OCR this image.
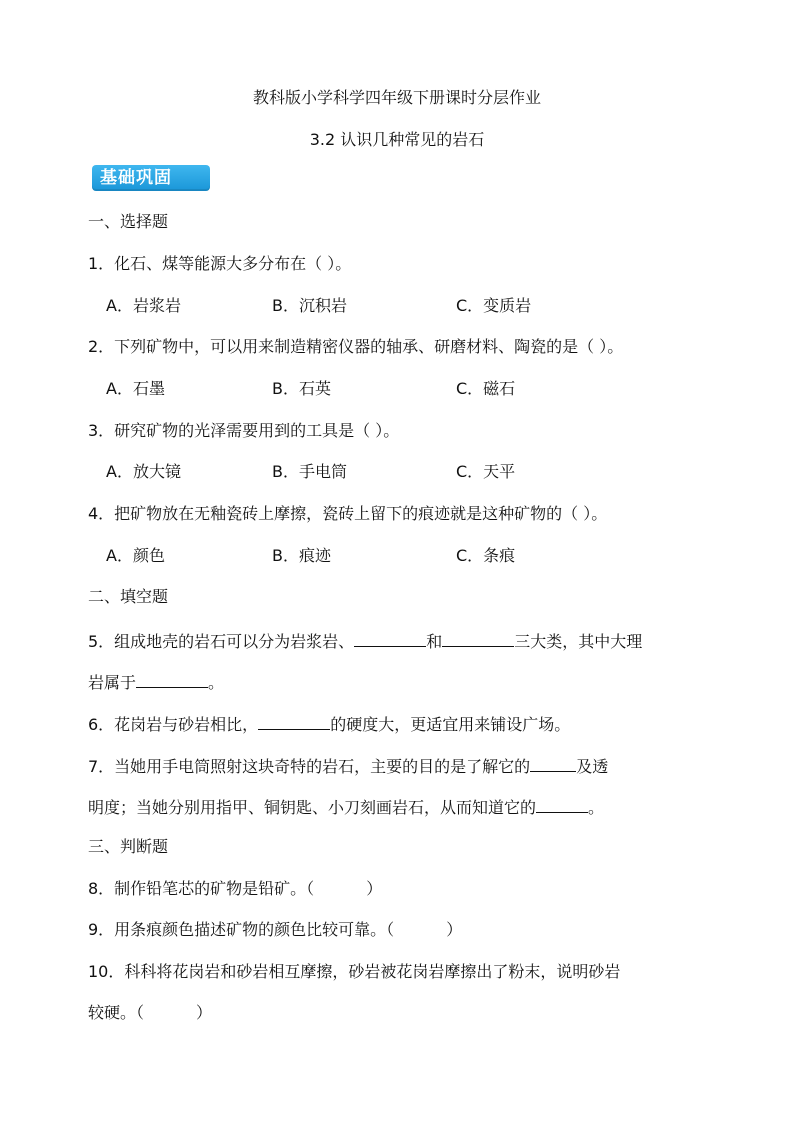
教科版小学科学四年级下册课时分层作业
3.2 认识几种常见的岩石
基础巩固
一、选择题
1．化石、煤等能源大多分布在（ ）。
A．岩浆岩	B．沉积岩	C．变质岩
2．下列矿物中，可以用来制造精密仪器的轴承、研磨材料、陶瓷的是（ ）。
A．石墨	B．石英	C．磁石
3．研究矿物的光泽需要用到的工具是（ ）。
A．放大镜	B．手电筒	C．天平
4．把矿物放在无釉瓷砖上摩擦，瓷砖上留下的痕迹就是这种矿物的（ ）。
A．颜色	B．痕迹	C．条痕
二、填空题
5．组成地壳的岩石可以分为岩浆岩、	和	三大类，其中大理
岩属于	。
6．花岗岩与砂岩相比，	的硬度大，更适宜用来铺设广场。
7．当她用手电筒照射这块奇特的岩石，主要的目的是了解它的	及透
明度；当她分别用指甲、铜钥匙、小刀刻画岩石，从而知道它的	。
三、判断题
8．制作铅笔芯的矿物是铅矿。（	）
9．用条痕颜色描述矿物的颜色比较可靠。（	）
10．科科将花岗岩和砂岩相互摩擦，砂岩被花岗岩摩擦出了粉末，说明砂岩
较硬。（	）
